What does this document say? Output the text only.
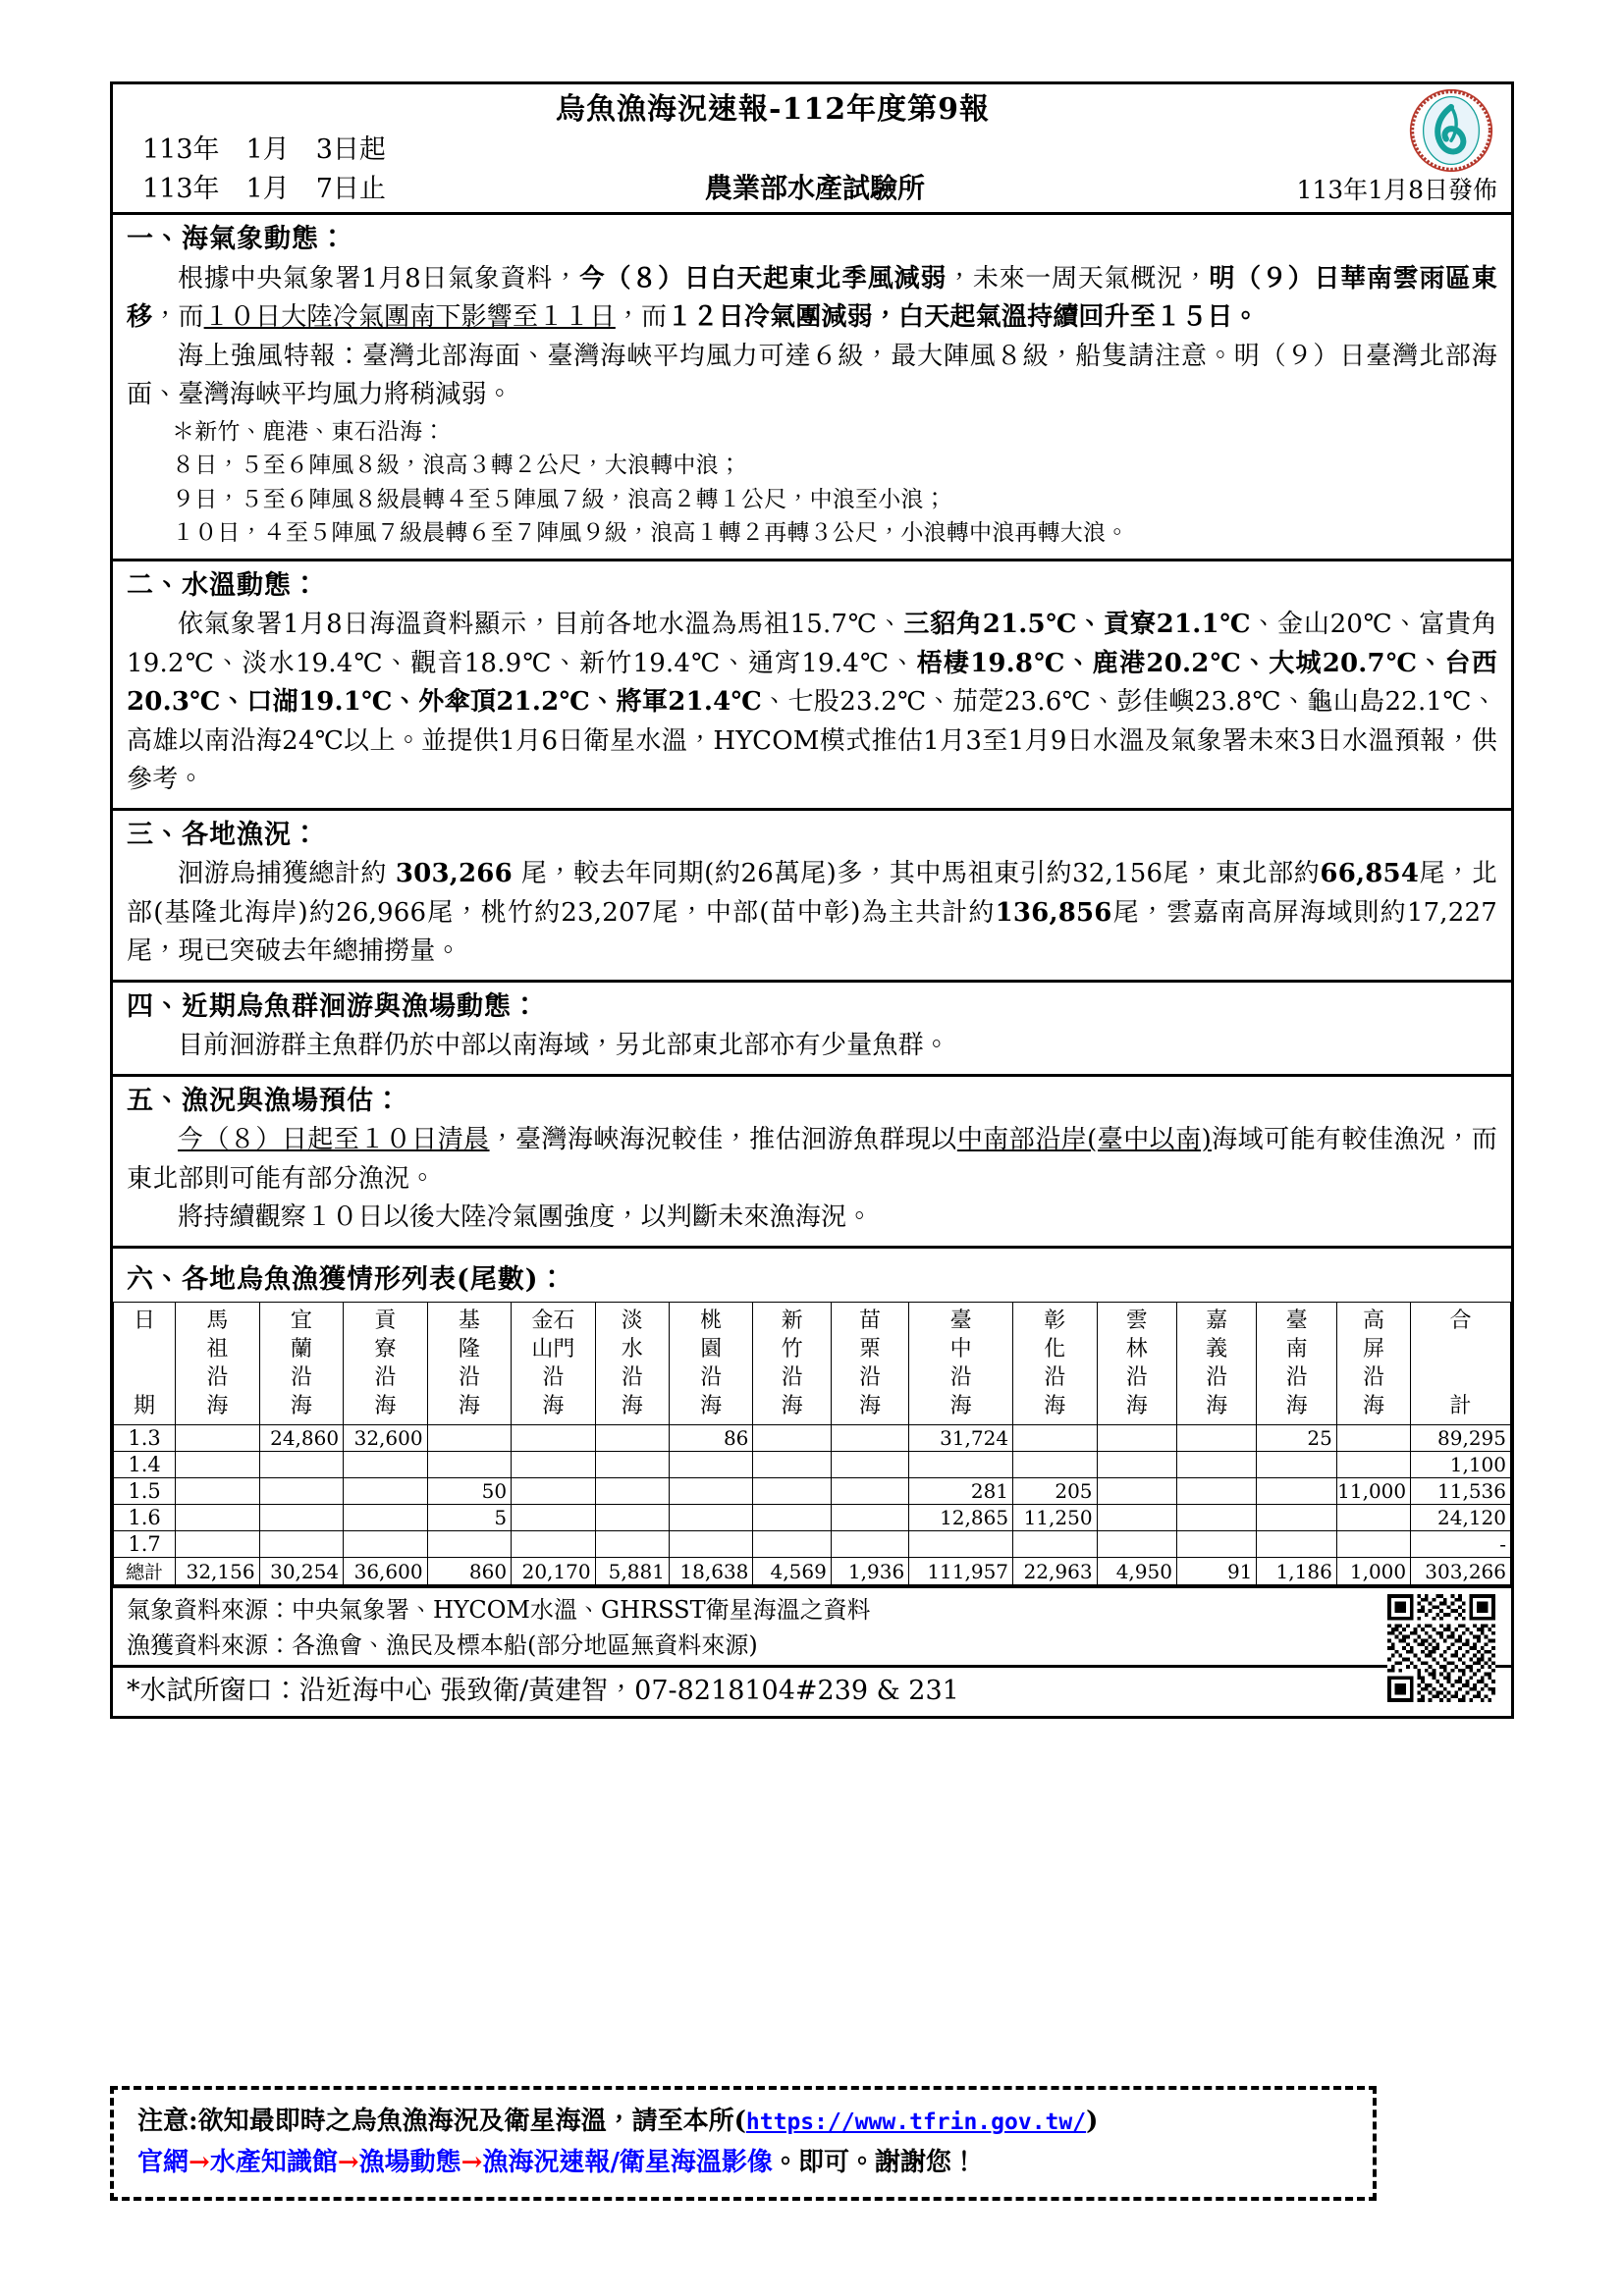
烏魚漁海況速報-112年度第9報
113年　1月　3日起
113年　1月　7日止	農業部水產試驗所	113年1月8日發佈
一、海氣象動態：
根據中央氣象署1月8日氣象資料，今（８）日白天起東北季風減弱，未來一周天氣概況，明（９）日華南雲雨區東移，而１０日大陸冷氣團南下影響至１１日，而１２日冷氣團減弱，白天起氣溫持續回升至１５日。
海上強風特報：臺灣北部海面、臺灣海峽平均風力可達６級，最大陣風８級，船隻請注意。明（９）日臺灣北部海面、臺灣海峽平均風力將稍減弱。
＊新竹、鹿港、東石沿海：
８日，５至６陣風８級，浪高３轉２公尺，大浪轉中浪；
９日，５至６陣風８級晨轉４至５陣風７級，浪高２轉１公尺，中浪至小浪；
１０日，４至５陣風７級晨轉６至７陣風９級，浪高１轉２再轉３公尺，小浪轉中浪再轉大浪。
二、水溫動態：
依氣象署1月8日海溫資料顯示，目前各地水溫為馬祖15.7℃、三貂角21.5℃、貢寮21.1℃、金山20℃、富貴角19.2℃、淡水19.4℃、觀音18.9℃、新竹19.4℃、通宵19.4℃、梧棲19.8℃、鹿港20.2℃、大城20.7℃、台西20.3℃、口湖19.1℃、外傘頂21.2℃、將軍21.4℃、七股23.2℃、茄萣23.6℃、彭佳嶼23.8℃、龜山島22.1℃、高雄以南沿海24℃以上。並提供1月6日衛星水溫，HYCOM模式推估1月3至1月9日水溫及氣象署未來3日水溫預報，供參考。
三、各地漁況：
洄游烏捕獲總計約 303,266 尾，較去年同期(約26萬尾)多，其中馬祖東引約32,156尾，東北部約66,854尾，北部(基隆北海岸)約26,966尾，桃竹約23,207尾，中部(苗中彰)為主共計約136,856尾，雲嘉南高屏海域則約17,227尾，現已突破去年總捕撈量。
四、近期烏魚群洄游與漁場動態：
目前洄游群主魚群仍於中部以南海域，另北部東北部亦有少量魚群。
五、漁況與漁場預估：
今（８）日起至１０日清晨，臺灣海峽海況較佳，推估洄游魚群現以中南部沿岸(臺中以南)海域可能有較佳漁況，而東北部則可能有部分漁況。
將持續觀察１０日以後大陸冷氣團強度，以判斷未來漁海況。
六、各地烏魚漁獲情形列表(尾數)：
日

期	馬
祖
沿
海	宜
蘭
沿
海	貢
寮
沿
海	基
隆
沿
海	金石
山門
沿
海	淡
水
沿
海	桃
園
沿
海	新
竹
沿
海	苗
栗
沿
海	臺
中
沿
海	彰
化
沿
海	雲
林
沿
海	嘉
義
沿
海	臺
南
沿
海	高
屏
沿
海	合

計

1.3		24,860	32,600				86			31,724				25		89,295
1.4																1,100
1.5				50						281	205				11,000	11,536
1.6				5						12,865	11,250					24,120
1.7																-
總計	32,156	30,254	36,600	860	20,170	5,881	18,638	4,569	1,936	111,957	22,963	4,950	91	1,186	1,000	303,266
氣象資料來源：中央氣象署、HYCOM水溫、GHRSST衛星海溫之資料
漁獲資料來源：各漁會、漁民及標本船(部分地區無資料來源)
*水試所窗口：沿近海中心 張致衛/黃建智，07-8218104#239 & 231
注意:欲知最即時之烏魚漁海況及衛星海溫，請至本所(https://www.tfrin.gov.tw/)
官網→水產知識館→漁場動態→漁海況速報/衛星海溫影像。即可。謝謝您！
